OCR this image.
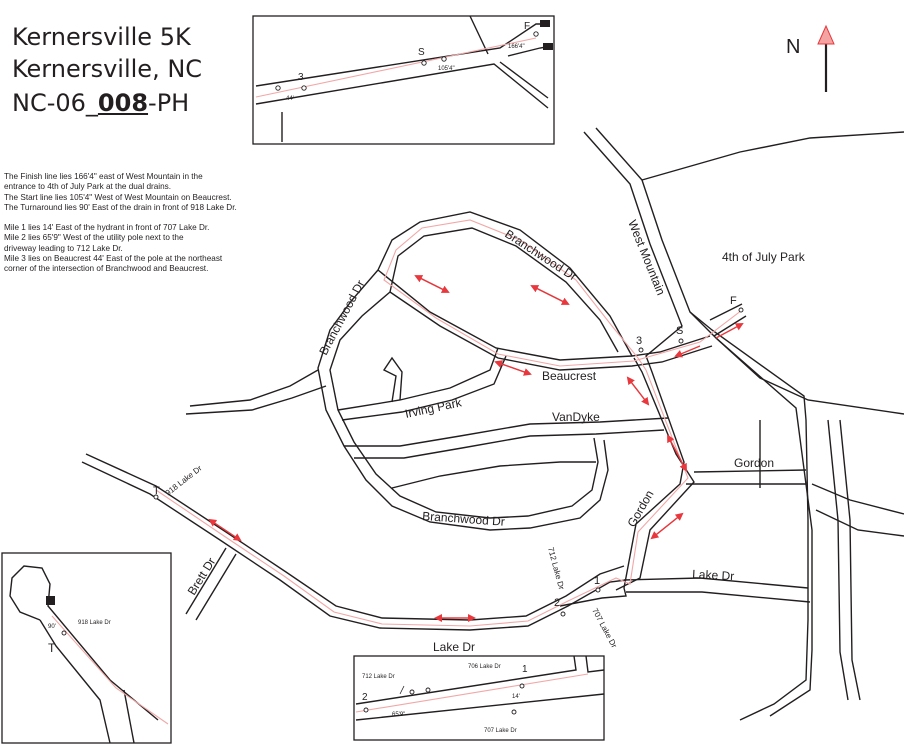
Kernersville 5K
Kernersville, NC
NC-06_008-PH

The Finish line lies 166'4" east of West Mountain in the

entrance to 4th of July Park at the dual drains.

The Start line lies 105'4" West of West Mountain on Beaucrest.

The Turnaround lies 90' East of the drain in front of 918 Lake Dr.

Mile 1 lies 14' East of the hydrant in front of 707 Lake Dr.

Mile 2 lies 65'9" West of the utility pole next to the

driveway leading to 712 Lake Dr.

Mile 3 lies on Beaucrest 44' East of the pole at the northeast

corner of the intersection of Branchwood and Beaucrest.

N
3
44'
S
105'4"
F
166'4"
F
S
3
1
2
T
Branchwood Dr
Branchwood Dr
Branchwood Dr
West Mountain	4th of July Park
Beaucrest
Irving Park	VanDyke
Gordon
Gordon
Lake Dr
Lake Dr
Brett Dr
918 Lake Dr
712 Lake Dr
707 Lake Dr
918 Lake Dr
90'
T
712 Lake Dr
706 Lake Dr
707 Lake Dr
1
2	14'
65'9"
